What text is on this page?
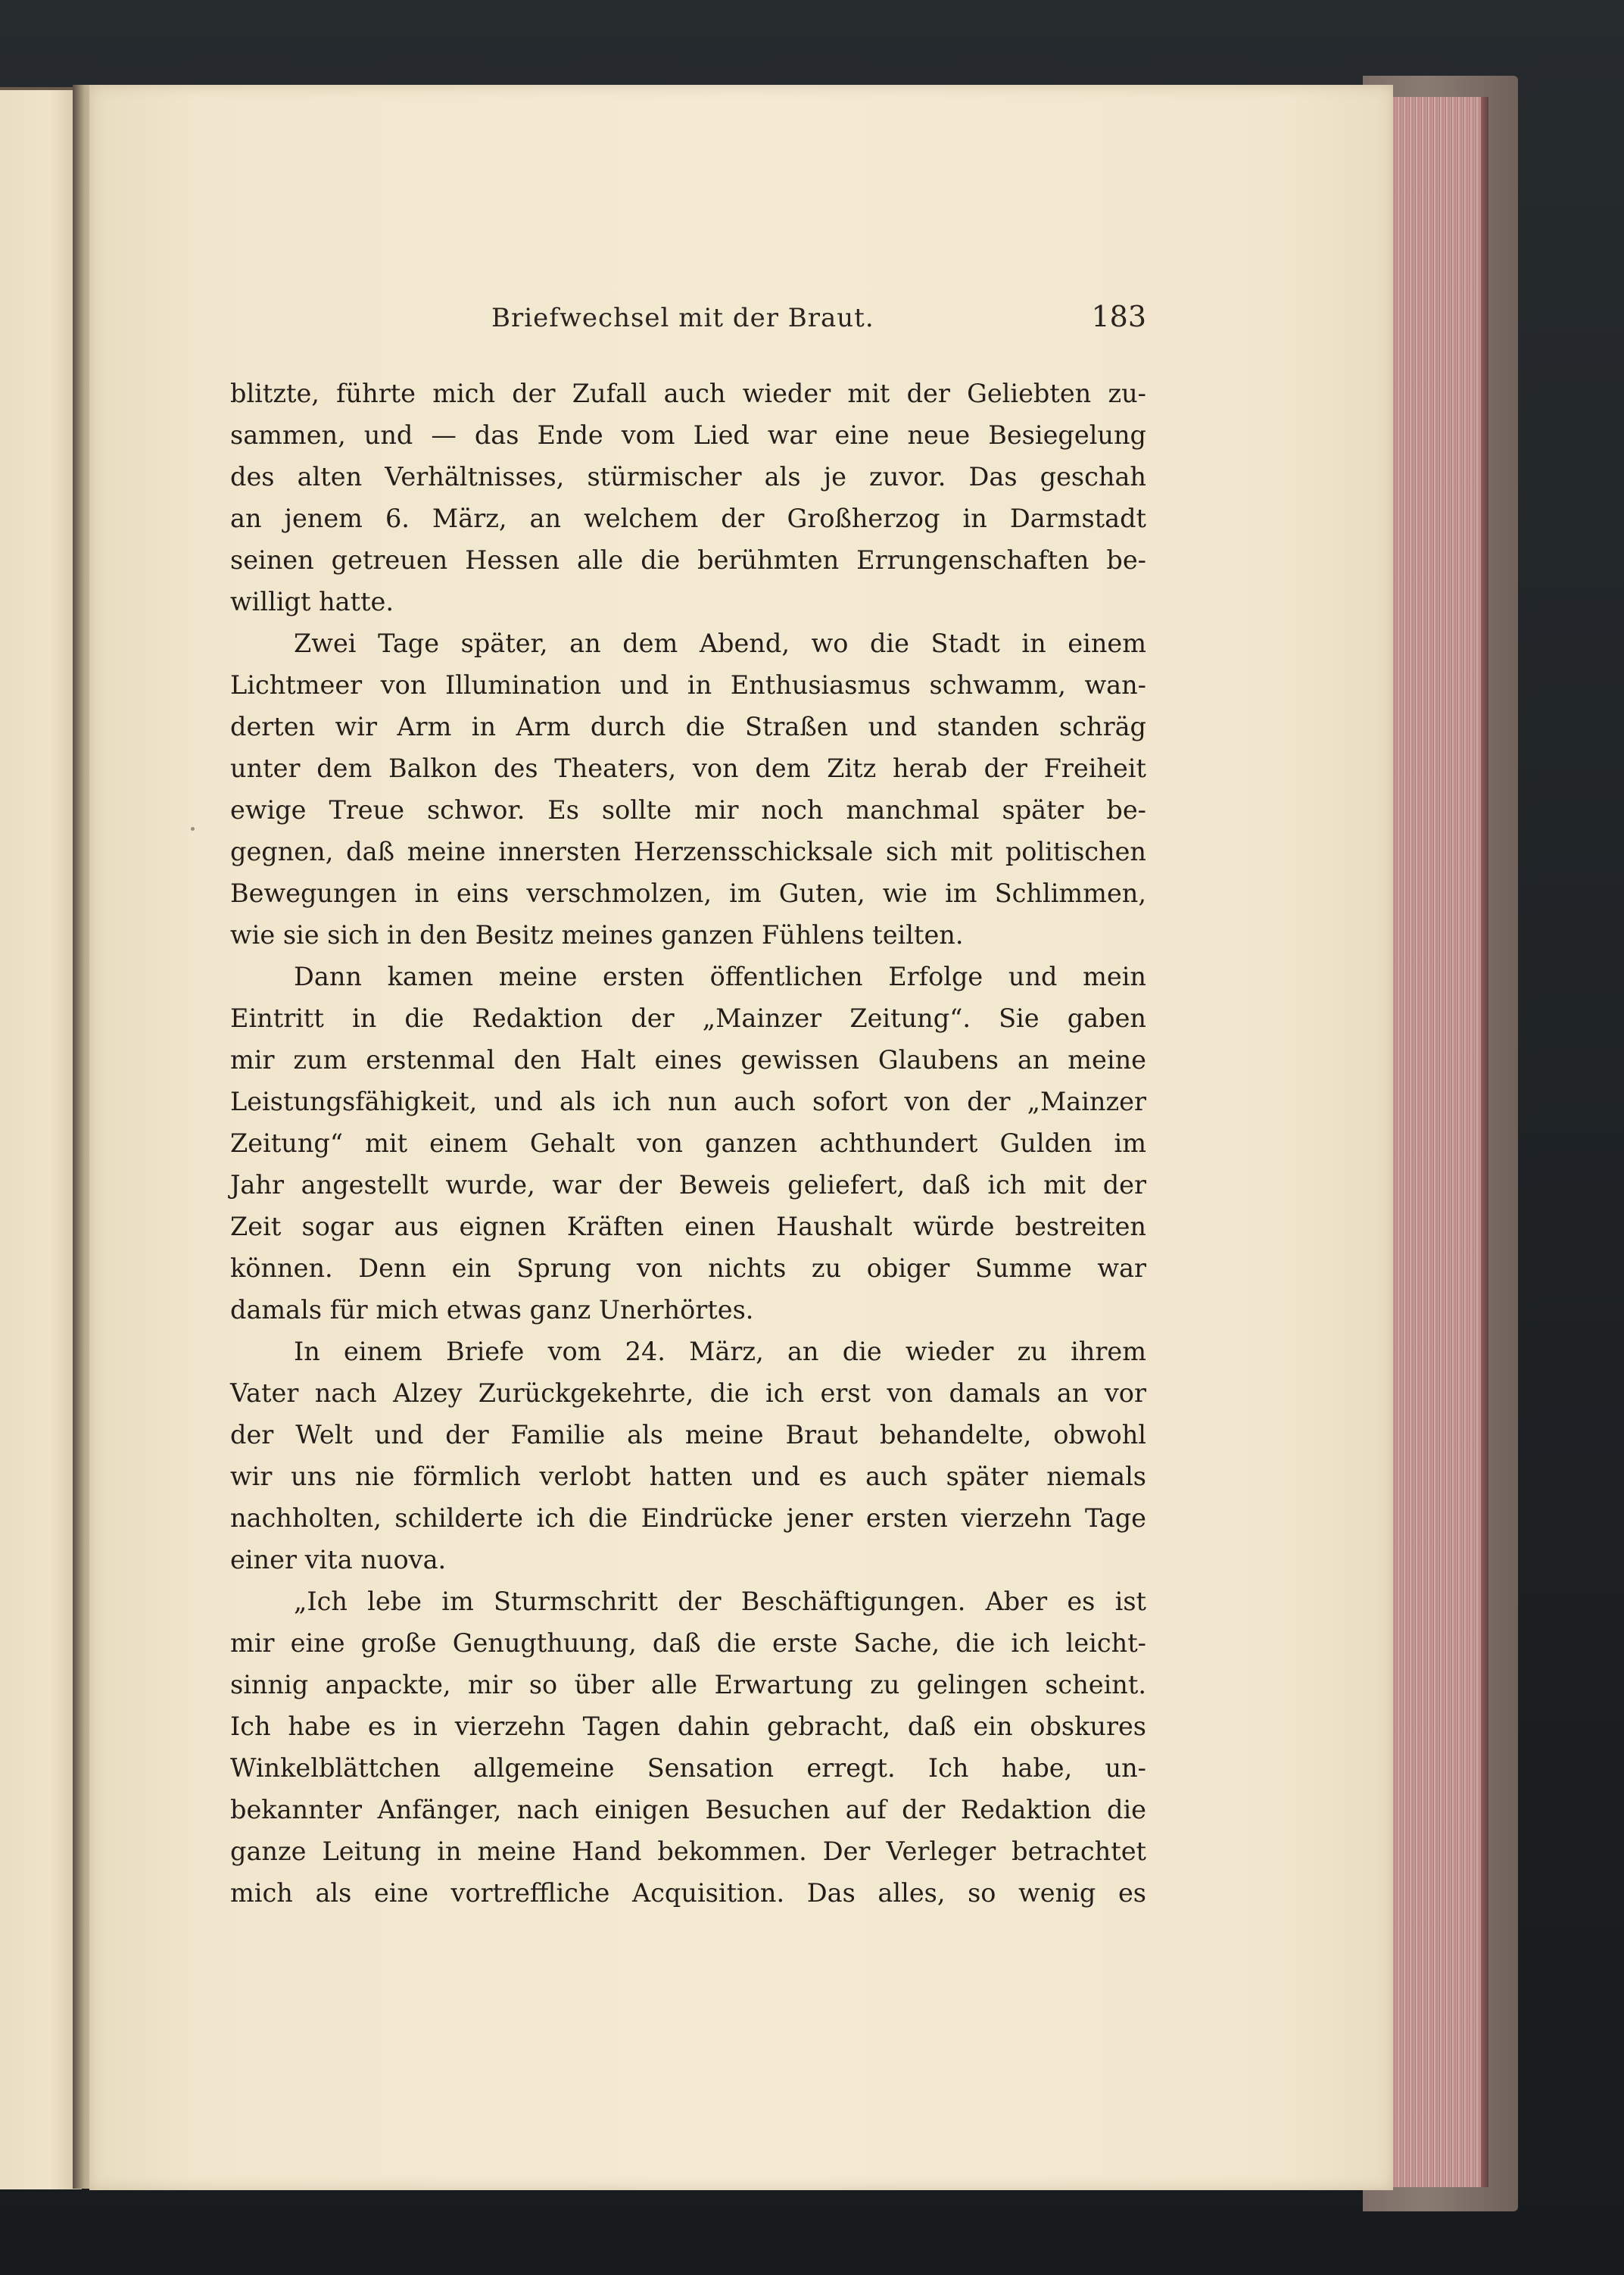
Briefwechsel mit der Braut.	183
blitzte, führte mich der Zufall auch wieder mit der Geliebten zu-
sammen, und — das Ende vom Lied war eine neue Besiegelung
des alten Verhältnisses, stürmischer als je zuvor. Das geschah
an jenem 6. März, an welchem der Großherzog in Darmstadt
seinen getreuen Hessen alle die berühmten Errungenschaften be-
willigt hatte.
Zwei Tage später, an dem Abend, wo die Stadt in einem
Lichtmeer von Illumination und in Enthusiasmus schwamm, wan-
derten wir Arm in Arm durch die Straßen und standen schräg
unter dem Balkon des Theaters, von dem Zitz herab der Freiheit
ewige Treue schwor. Es sollte mir noch manchmal später be-
gegnen, daß meine innersten Herzensschicksale sich mit politischen
Bewegungen in eins verschmolzen, im Guten, wie im Schlimmen,
wie sie sich in den Besitz meines ganzen Fühlens teilten.
Dann kamen meine ersten öffentlichen Erfolge und mein
Eintritt in die Redaktion der „Mainzer Zeitung“. Sie gaben
mir zum erstenmal den Halt eines gewissen Glaubens an meine
Leistungsfähigkeit, und als ich nun auch sofort von der „Mainzer
Zeitung“ mit einem Gehalt von ganzen achthundert Gulden im
Jahr angestellt wurde, war der Beweis geliefert, daß ich mit der
Zeit sogar aus eignen Kräften einen Haushalt würde bestreiten
können. Denn ein Sprung von nichts zu obiger Summe war
damals für mich etwas ganz Unerhörtes.
In einem Briefe vom 24. März, an die wieder zu ihrem
Vater nach Alzey Zurückgekehrte, die ich erst von damals an vor
der Welt und der Familie als meine Braut behandelte, obwohl
wir uns nie förmlich verlobt hatten und es auch später niemals
nachholten, schilderte ich die Eindrücke jener ersten vierzehn Tage
einer vita nuova.
„Ich lebe im Sturmschritt der Beschäftigungen. Aber es ist
mir eine große Genugthuung, daß die erste Sache, die ich leicht-
sinnig anpackte, mir so über alle Erwartung zu gelingen scheint.
Ich habe es in vierzehn Tagen dahin gebracht, daß ein obskures
Winkelblättchen allgemeine Sensation erregt. Ich habe, un-
bekannter Anfänger, nach einigen Besuchen auf der Redaktion die
ganze Leitung in meine Hand bekommen. Der Verleger betrachtet
mich als eine vortreffliche Acquisition. Das alles, so wenig es
